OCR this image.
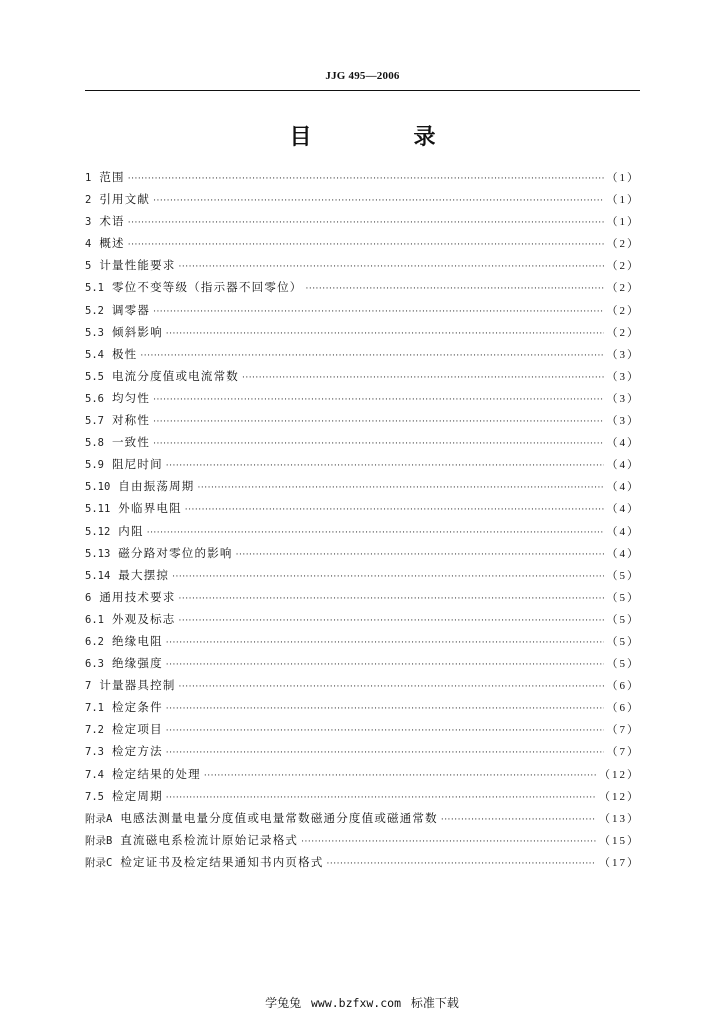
JJG 495—2006
目　录
1 范围 ·····	（1）
2 引用文献 ·····	（1）
3 术语 ·····	（1）
4 概述 ·····	（2）
5 计量性能要求 ·····	（2）
5.1 零位不变等级（指示器不回零位） ·····	（2）
5.2 调零器 ·····	（2）
5.3 倾斜影响 ·····	（2）
5.4 极性 ·····	（3）
5.5 电流分度值或电流常数 ·····	（3）
5.6 均匀性 ·····	（3）
5.7 对称性 ·····	（3）
5.8 一致性 ·····	（4）
5.9 阻尼时间 ·····	（4）
5.10 自由振荡周期 ·····	（4）
5.11 外临界电阻 ·····	（4）
5.12 内阻 ·····	（4）
5.13 磁分路对零位的影响 ·····	（4）
5.14 最大摆掠 ·····	（5）
6 通用技术要求 ·····	（5）
6.1 外观及标志 ·····	（5）
6.2 绝缘电阻 ·····	（5）
6.3 绝缘强度 ·····	（5）
7 计量器具控制 ·····	（6）
7.1 检定条件 ·····	（6）
7.2 检定项目 ·····	（7）
7.3 检定方法 ·····	（7）
7.4 检定结果的处理 ·····	（12）
7.5 检定周期 ·····	（12）
附录A 电感法测量电量分度值或电量常数磁通分度值或磁通常数 ·····	（13）
附录B 直流磁电系检流计原始记录格式 ·····	（15）
附录C 检定证书及检定结果通知书内页格式 ·····	（17）
学兔兔 www.bzfxw.com 标准下载
